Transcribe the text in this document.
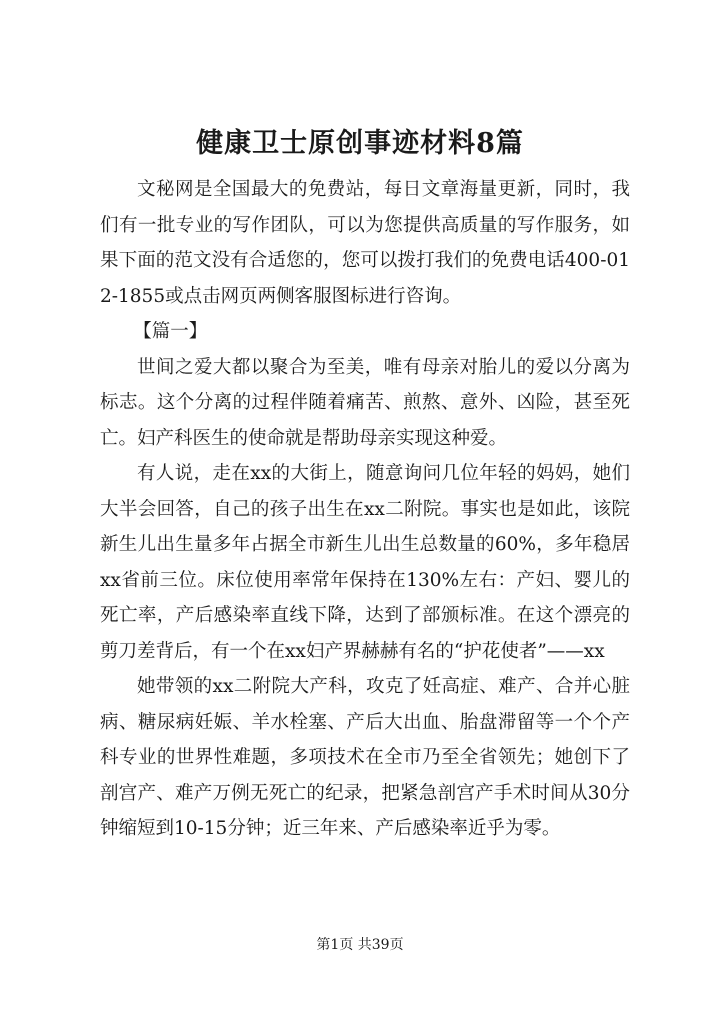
健康卫士原创事迹材料8篇

文秘网是全国最大的免费站，每日文章海量更新，同时，我们有一批专业的写作团队，可以为您提供高质量的写作服务，如果下面的范文没有合适您的，您可以拨打我们的免费电话400-012-1855或点击网页两侧客服图标进行咨询。

【篇一】

世间之爱大都以聚合为至美，唯有母亲对胎儿的爱以分离为标志。这个分离的过程伴随着痛苦、煎熬、意外、凶险，甚至死亡。妇产科医生的使命就是帮助母亲实现这种爱。

有人说，走在xx的大街上，随意询问几位年轻的妈妈，她们大半会回答，自己的孩子出生在xx二附院。事实也是如此，该院新生儿出生量多年占据全市新生儿出生总数量的60%，多年稳居xx省前三位。床位使用率常年保持在130%左右：产妇、婴儿的死亡率，产后感染率直线下降，达到了部颁标准。在这个漂亮的剪刀差背后，有一个在xx妇产界赫赫有名的“护花使者”——xx

她带领的xx二附院大产科，攻克了妊高症、难产、合并心脏病、糖尿病妊娠、羊水栓塞、产后大出血、胎盘滞留等一个个产科专业的世界性难题，多项技术在全市乃至全省领先；她创下了剖宫产、难产万例无死亡的纪录，把紧急剖宫产手术时间从30分钟缩短到10-15分钟；近三年来、产后感染率近乎为零。

第1页 共39页
